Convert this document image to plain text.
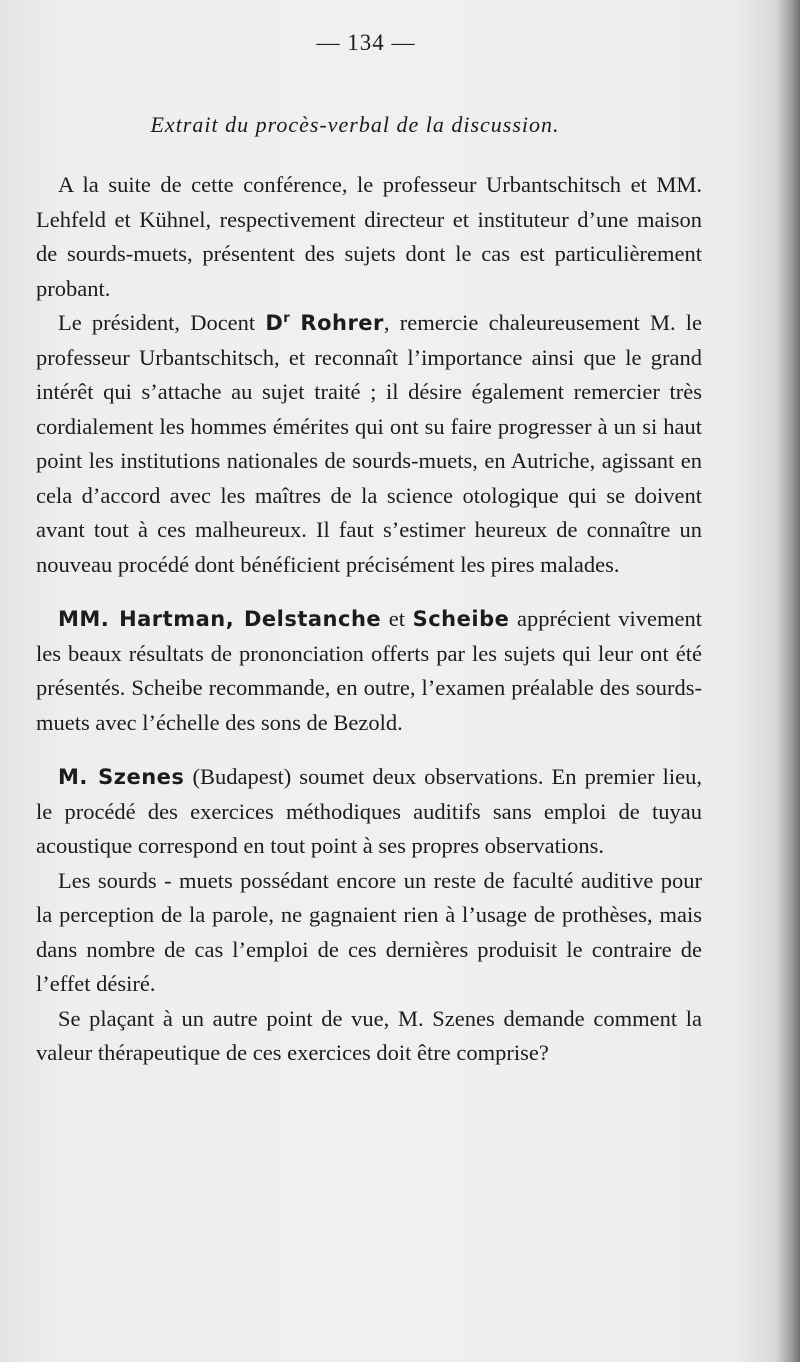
— 134 —
Extrait du procès-verbal de la discussion.

A la suite de cette conférence, le professeur Urbantschitsch et MM. Lehfeld et Kühnel, respectivement directeur et instituteur d’une maison de sourds-muets, présentent des sujets dont le cas est particulièrement probant.

Le président, Docent $D^r$ Rohrer, remercie chaleureusement M. le professeur Urbantschitsch, et reconnaît l’importance ainsi que le grand intérêt qui s’attache au sujet traité ; il désire également remercier très cordialement les hommes émérites qui ont su faire progresser à un si haut point les institutions nationales de sourds-muets, en Autriche, agissant en cela d’accord avec les maîtres de la science otologique qui se doivent avant tout à ces malheureux. Il faut s’estimer heureux de connaître un nouveau procédé dont bénéficient précisément les pires malades.

MM. Hartman, Delstanche et Scheibe apprécient vivement les beaux résultats de prononciation offerts par les sujets qui leur ont été présentés. Scheibe recommande, en outre, l’examen préalable des sourds-muets avec l’échelle des sons de Bezold.

M. Szenes (Budapest) soumet deux observations. En premier lieu, le procédé des exercices méthodiques auditifs sans emploi de tuyau acoustique correspond en tout point à ses propres observations.

Les sourds - muets possédant encore un reste de faculté auditive pour la perception de la parole, ne gagnaient rien à l’usage de prothèses, mais dans nombre de cas l’emploi de ces dernières produisit le contraire de l’effet désiré.

Se plaçant à un autre point de vue, M. Szenes demande comment la valeur thérapeutique de ces exercices doit être comprise?
